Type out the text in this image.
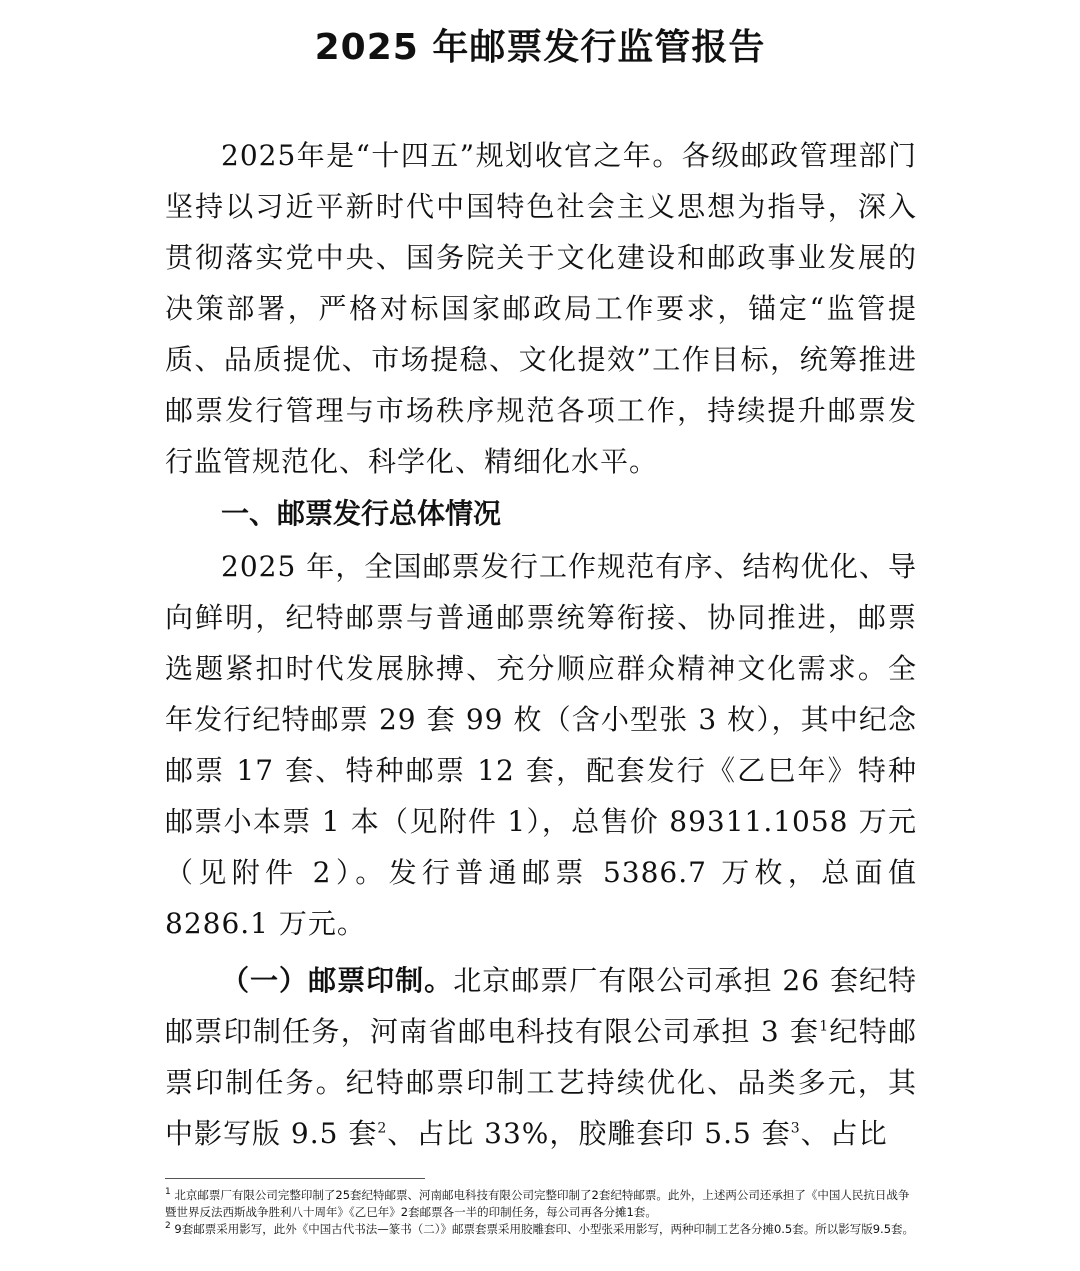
2025 年邮票发行监管报告

2025年是“十四五”规划收官之年。各级邮政管理部门坚持以习近平新时代中国特色社会主义思想为指导，深入贯彻落实党中央、国务院关于文化建设和邮政事业发展的决策部署，严格对标国家邮政局工作要求，锚定“监管提质、品质提优、市场提稳、文化提效”工作目标，统筹推进邮票发行管理与市场秩序规范各项工作，持续提升邮票发行监管规范化、科学化、精细化水平。

一、邮票发行总体情况

2025 年，全国邮票发行工作规范有序、结构优化、导向鲜明，纪特邮票与普通邮票统筹衔接、协同推进，邮票选题紧扣时代发展脉搏、充分顺应群众精神文化需求。全年发行纪特邮票 29 套 99 枚（含小型张 3 枚），其中纪念邮票 17 套、特种邮票 12 套，配套发行《乙巳年》特种邮票小本票 1 本（见附件 1），总售价 89311.1058 万元（见附件 2）。发行普通邮票 5386.7 万枚，总面值 8286.1 万元。

（一）邮票印制。北京邮票厂有限公司承担 26 套纪特邮票印制任务，河南省邮电科技有限公司承担 3 套$^1$纪特邮票印制任务。纪特邮票印制工艺持续优化、品类多元，其中影写版 9.5 套$^2$、占比 33%，胶雕套印 5.5 套$^3$、占比

$^1$ 北京邮票厂有限公司完整印制了25套纪特邮票、河南邮电科技有限公司完整印制了2套纪特邮票。此外，上述两公司还承担了《中国人民抗日战争暨世界反法西斯战争胜利八十周年》《乙巳年》2套邮票各一半的印制任务，每公司再各分摊1套。

$^2$ 9套邮票采用影写，此外《中国古代书法—篆书（二）》邮票套票采用胶雕套印、小型张采用影写，两种印制工艺各分摊0.5套。所以影写版9.5套。
